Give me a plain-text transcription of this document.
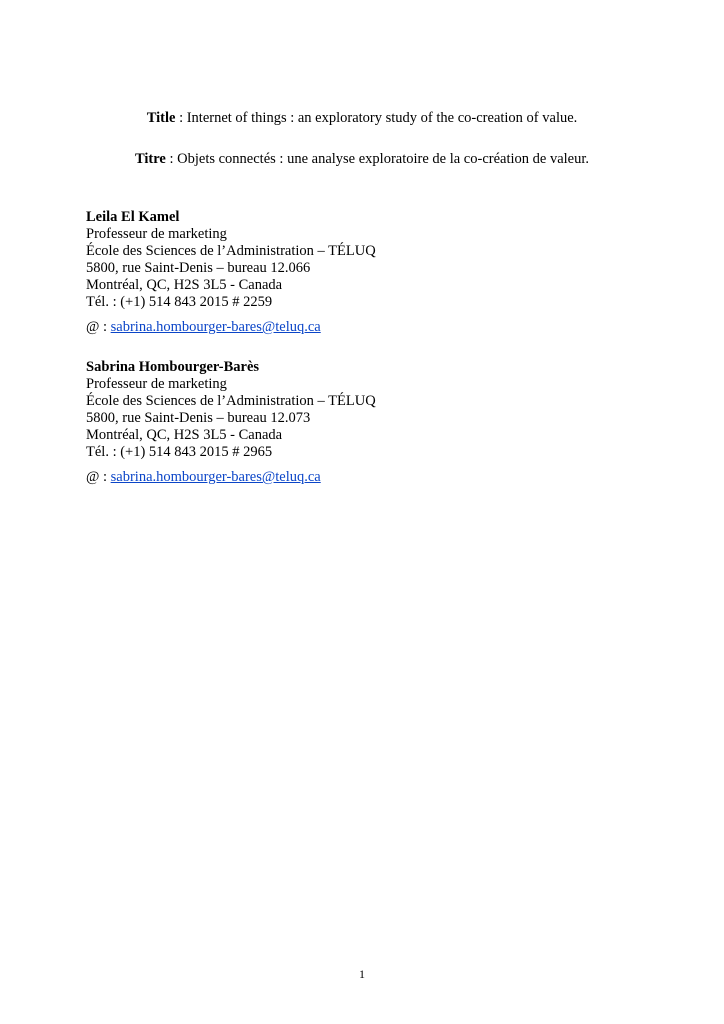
Title : Internet of things : an exploratory study of the co-creation of value.
Titre : Objets connectés : une analyse exploratoire de la co-création de valeur.
Leila El Kamel
Professeur de marketing
École des Sciences de l’Administration – TÉLUQ
5800, rue Saint-Denis – bureau 12.066
Montréal, QC, H2S 3L5 - Canada
Tél. : (+1) 514 843 2015 # 2259
@ : sabrina.hombourger-bares@teluq.ca
Sabrina Hombourger-Barès
Professeur de marketing
École des Sciences de l’Administration – TÉLUQ
5800, rue Saint-Denis – bureau 12.073
Montréal, QC, H2S 3L5 - Canada
Tél. : (+1) 514 843 2015 # 2965
@ : sabrina.hombourger-bares@teluq.ca
1
